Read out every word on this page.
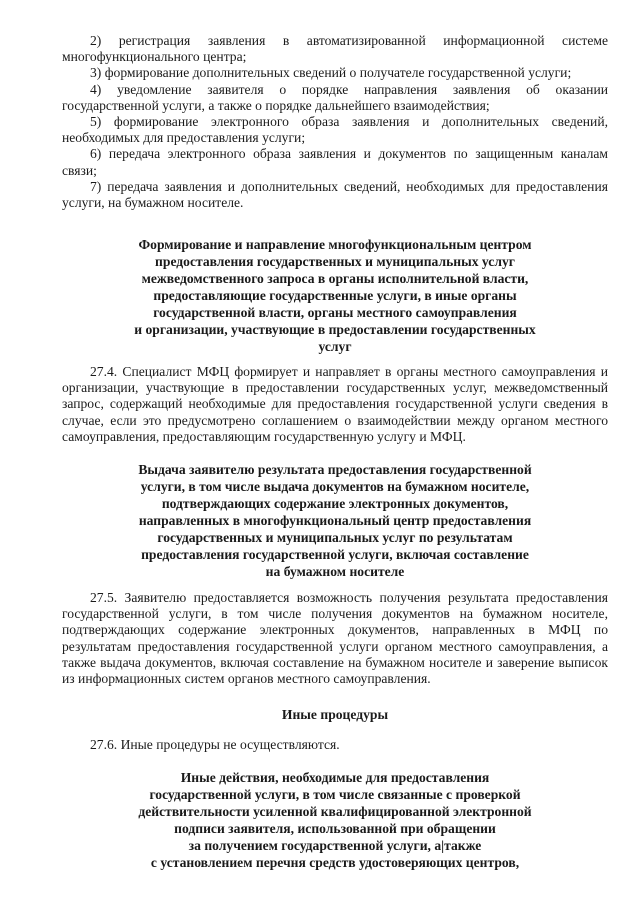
2) регистрация заявления в автоматизированной информационной системе многофункционального центра;

3) формирование дополнительных сведений о получателе государственной услуги;

4) уведомление заявителя о порядке направления заявления об оказании государственной услуги, а также о порядке дальнейшего взаимодействия;

5) формирование электронного образа заявления и дополнительных сведений, необходимых для предоставления услуги;

6) передача электронного образа заявления и документов по защищенным каналам связи;

7) передача заявления и дополнительных сведений, необходимых для предоставления услуги, на бумажном носителе.

Формирование и направление многофункциональным центром
предоставления государственных и муниципальных услуг
межведомственного запроса в органы исполнительной власти,
предоставляющие государственные услуги, в иные органы
государственной власти, органы местного самоуправления
и организации, участвующие в предоставлении государственных
услуг

27.4. Специалист МФЦ формирует и направляет в органы местного самоуправления и организации, участвующие в предоставлении государственных услуг, межведомственный запрос, содержащий необходимые для предоставления государственной услуги сведения в случае, если это предусмотрено соглашением о взаимодействии между органом местного самоуправления, предоставляющим государственную услугу и МФЦ.

Выдача заявителю результата предоставления государственной
услуги, в том числе выдача документов на бумажном носителе,
подтверждающих содержание электронных документов,
направленных в многофункциональный центр предоставления
государственных и муниципальных услуг по результатам
предоставления государственной услуги, включая составление
на бумажном носителе

27.5. Заявителю предоставляется возможность получения результата предоставления государственной услуги, в том числе получения документов на бумажном носителе, подтверждающих содержание электронных документов, направленных в МФЦ по результатам предоставления государственной услуги органом местного самоуправления, а также выдача документов, включая составление на бумажном носителе и заверение выписок из информационных систем органов местного самоуправления.

Иные процедуры

27.6. Иные процедуры не осуществляются.

Иные действия, необходимые для предоставления
государственной услуги, в том числе связанные с проверкой
действительности усиленной квалифицированной электронной
подписи заявителя, использованной при обращении
за получением государственной услуги, а|также
с установлением перечня средств удостоверяющих центров,
